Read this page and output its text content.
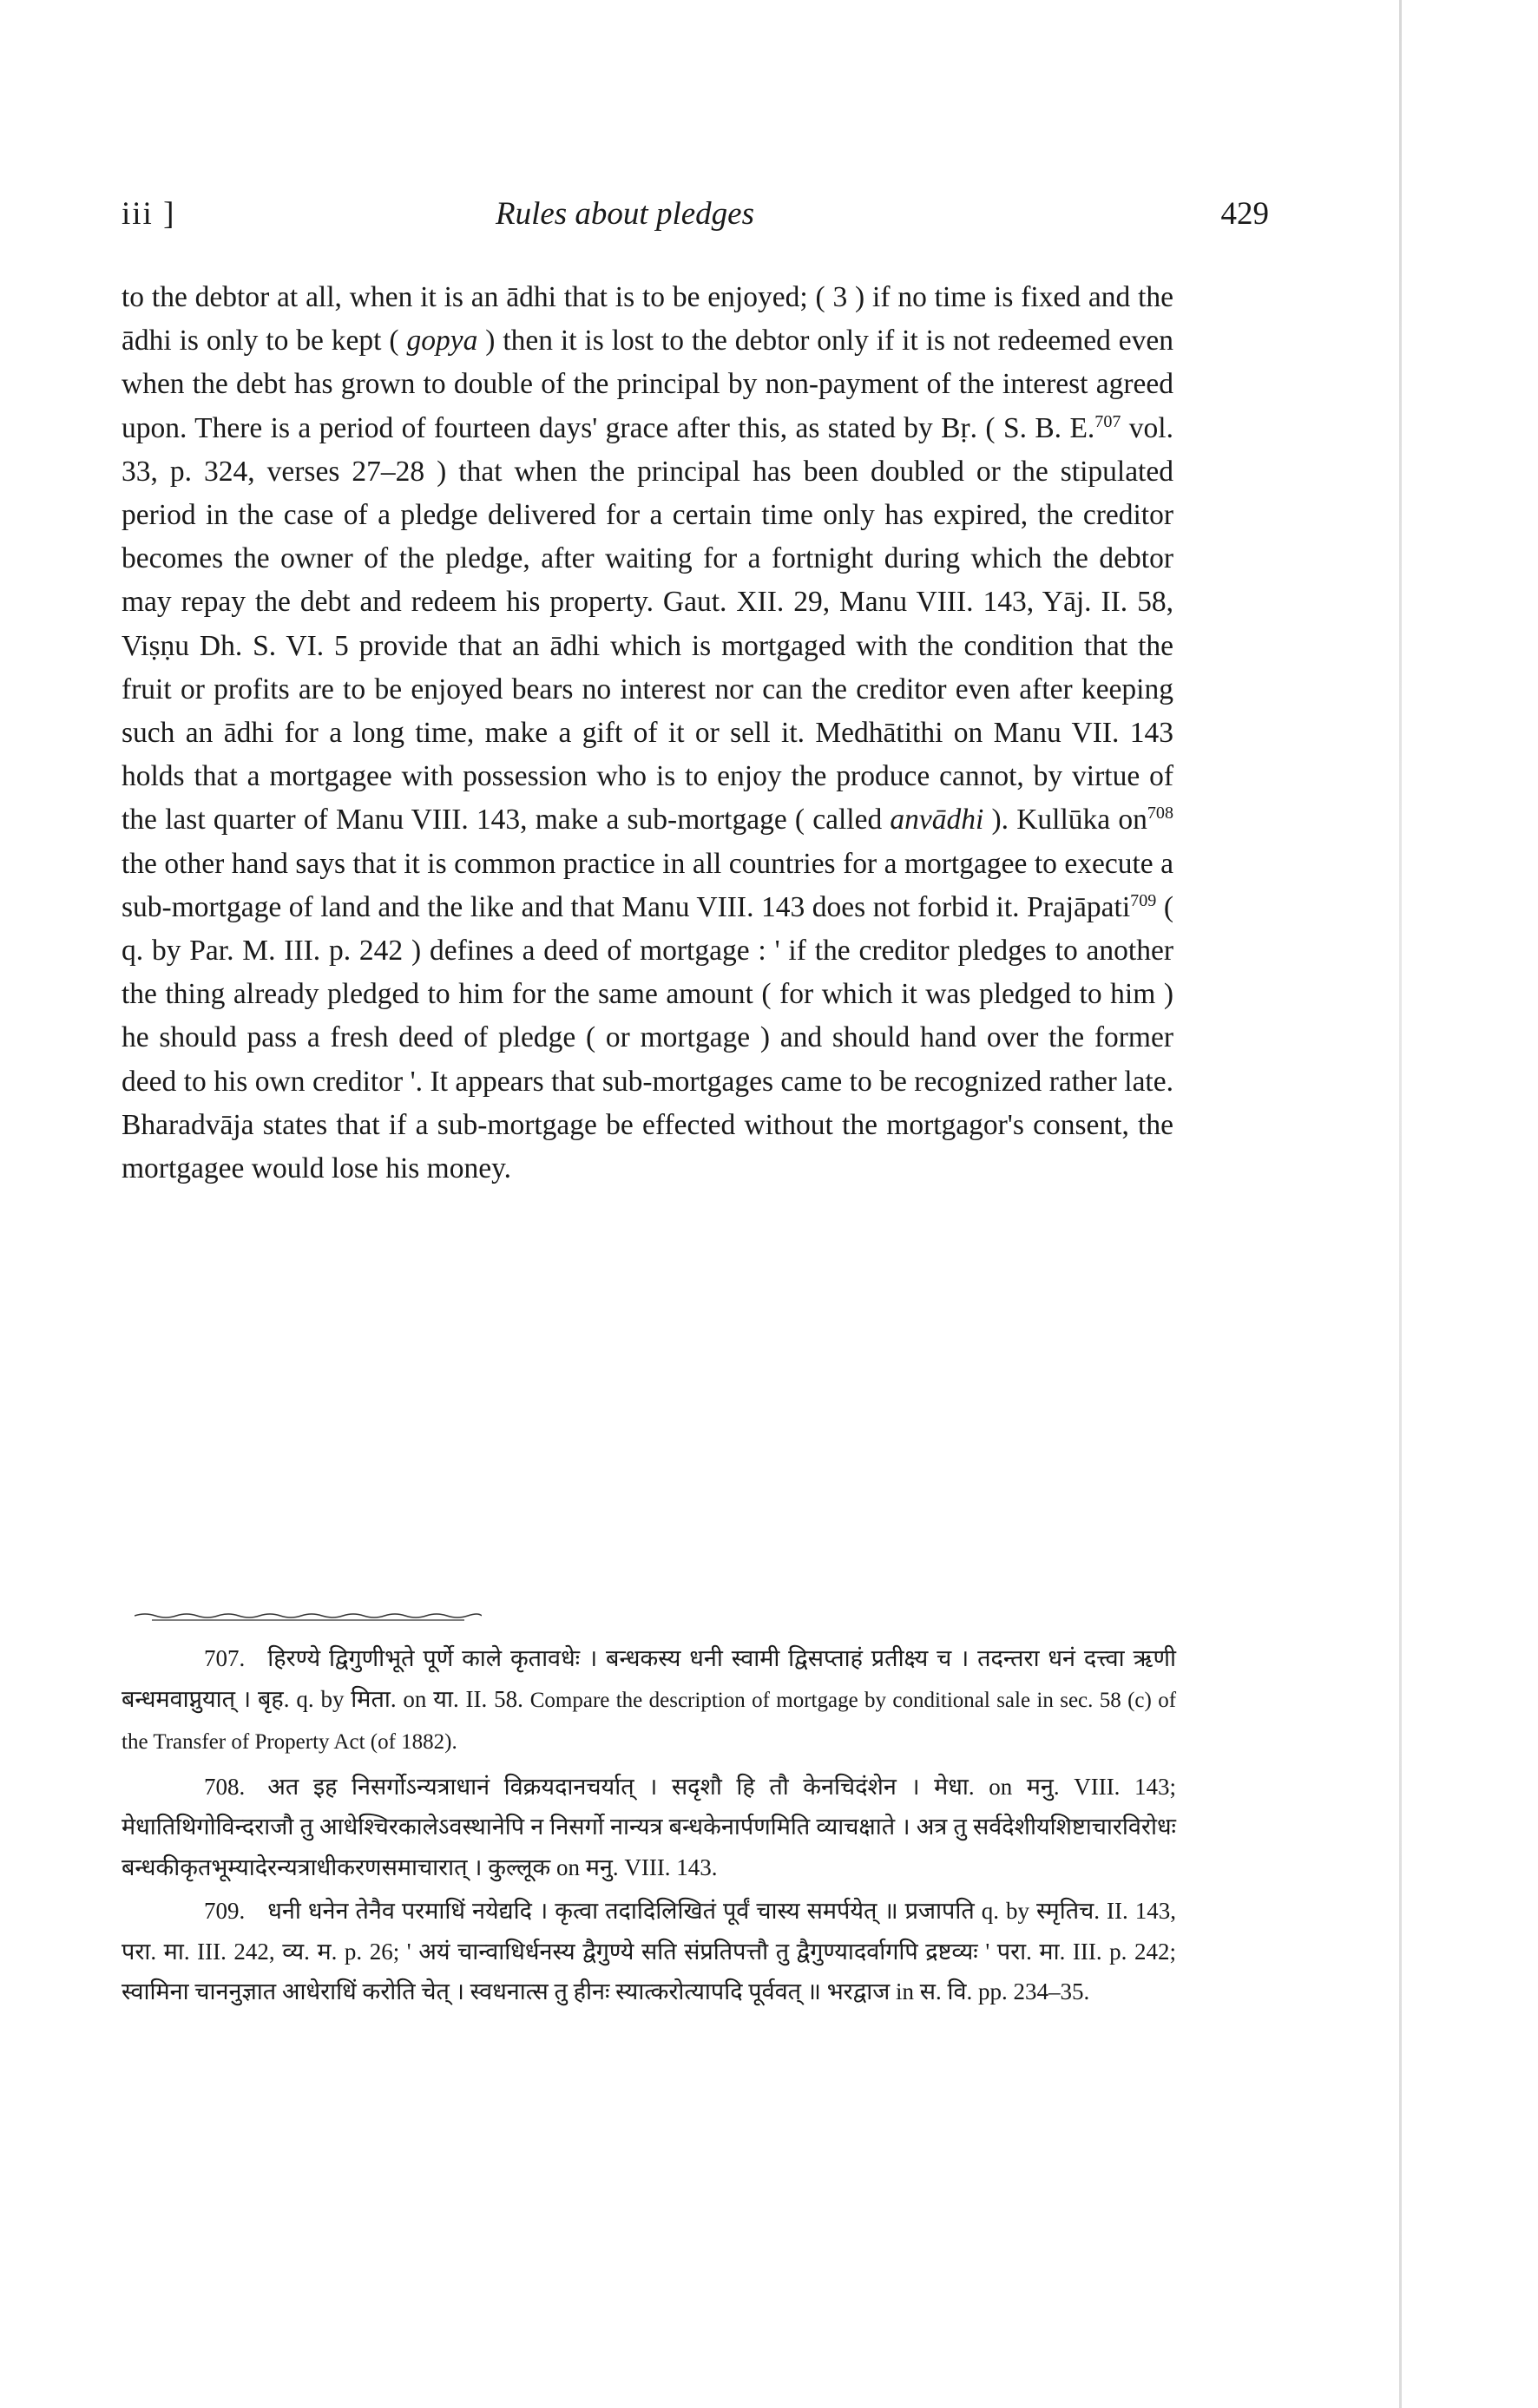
iii ]	Rules about pledges	429

to the debtor at all, when it is an ādhi that is to be enjoyed; ( 3 ) if no time is fixed and the ādhi is only to be kept ( gopya ) then it is lost to the debtor only if it is not redeemed even when the debt has grown to double of the principal by non-payment of the interest agreed upon. There is a period of fourteen days' grace after this, as stated by Bṛ. ( S. B. E.$^{707}$ vol. 33, p. 324, verses 27–28 ) that when the principal has been doubled or the stipulated period in the case of a pledge delivered for a certain time only has expired, the creditor becomes the owner of the pledge, after waiting for a fortnight during which the debtor may repay the debt and redeem his property. Gaut. XII. 29, Manu VIII. 143, Yāj. II. 58, Viṣṇu Dh. S. VI. 5 provide that an ādhi which is mortgaged with the condition that the fruit or profits are to be enjoyed bears no interest nor can the creditor even after keeping such an ādhi for a long time, make a gift of it or sell it. Medhātithi on Manu VII. 143 holds that a mortgagee with possession who is to enjoy the produce cannot, by virtue of the last quarter of Manu VIII. 143, make a sub-mortgage ( called anvādhi ). Kullūka $on^{708}$ the other hand says that it is common practice in all countries for a mortgagee to execute a sub-mortgage of land and the like and that Manu VIII. 143 does not forbid it. Prajāpati$^{709}$ ( q. by Par. M. III. p. 242 ) defines a deed of mortgage : ' if the creditor pledges to another the thing already pledged to him for the same amount ( for which it was pledged to him ) he should pass a fresh deed of pledge ( or mortgage ) and should hand over the former deed to his own creditor '. It appears that sub-mortgages came to be recognized rather late. Bharadvāja states that if a sub-mortgage be effected without the mortgagor's consent, the mortgagee would lose his money.

707. हिरण्ये द्विगुणीभूते पूर्णे काले कृतावधेः । बन्धकस्य धनी स्वामी द्विसप्ताहं प्रतीक्ष्य च । तदन्तरा धनं दत्त्वा ऋणी बन्धमवाप्नुयात् । बृह. q. by मिता. on या. II. 58. Compare the description of mortgage by conditional sale in sec. 58 (c) of the Transfer of Property Act (of 1882).

708. अत इह निसर्गोऽन्यत्राधानं विक्रयदानचर्यात् । सदृशौ हि तौ केनचिदंशेन । मेधा. on मनु. VIII. 143; मेधातिथिगोविन्दराजौ तु आधेश्चिरकालेऽवस्थानेपि न निसर्गो नान्यत्र बन्धकेनार्पणमिति व्याचक्षाते । अत्र तु सर्वदेशीयशिष्टाचारविरोधः बन्धकीकृतभूम्यादेरन्यत्राधीकरणसमाचारात् । कुल्लूक on मनु. VIII. 143.

709. धनी धनेन तेनैव परमाधिं नयेद्यदि । कृत्वा तदादिलिखितं पूर्वं चास्य समर्पयेत् ॥ प्रजापति q. by स्मृतिच. II. 143, परा. मा. III. 242, व्य. म. p. 26; ' अयं चान्वाधिर्धनस्य द्वैगुण्ये सति संप्रतिपत्तौ तु द्वैगुण्यादर्वागपि द्रष्टव्यः ' परा. मा. III. p. 242; स्वामिना चाननुज्ञात आधेराधिं करोति चेत् । स्वधनात्स तु हीनः स्यात्करोत्यापदि पूर्ववत् ॥ भरद्वाज in स. वि. pp. 234–35.
